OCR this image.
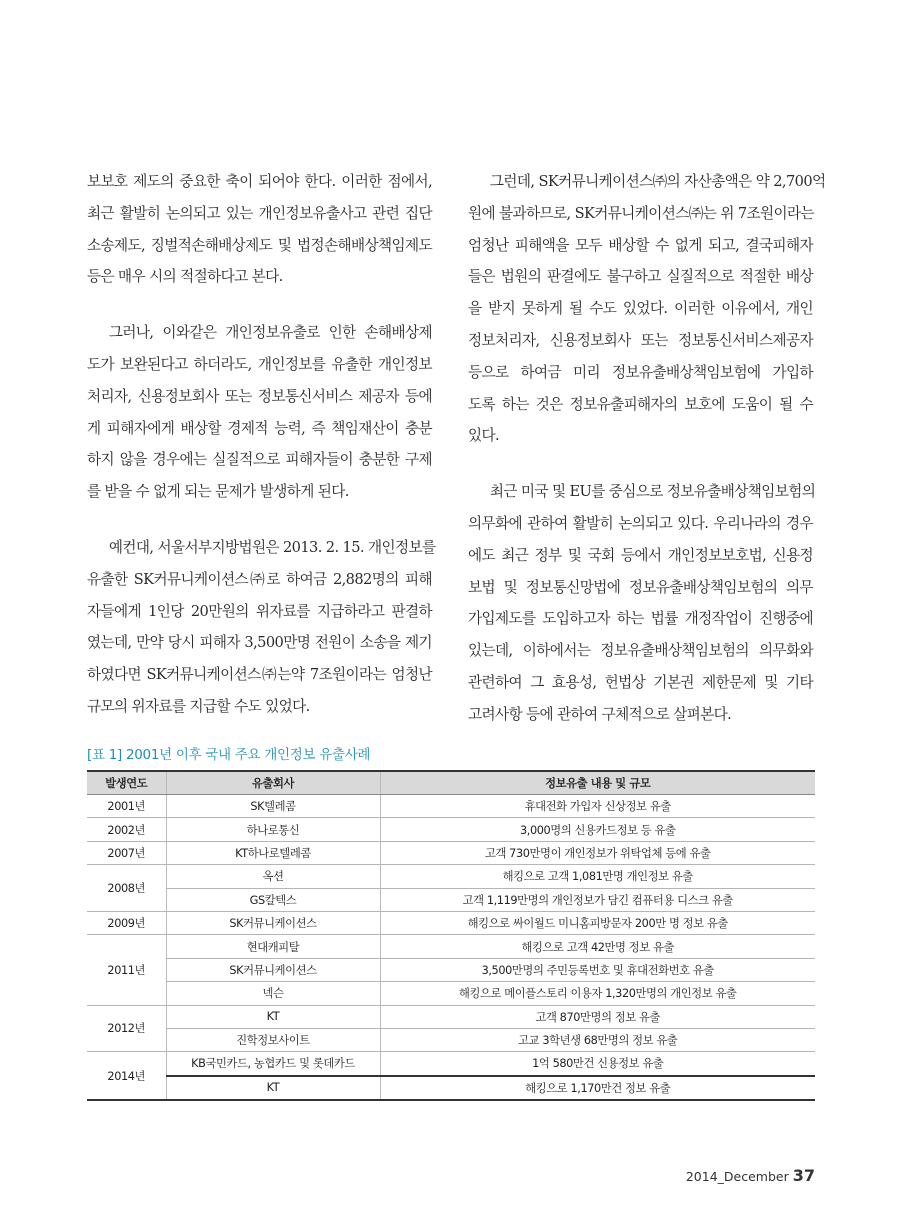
보보호 제도의 중요한 축이 되어야 한다. 이러한 점에서,
최근 활발히 논의되고 있는 개인정보유출사고 관련 집단
소송제도, 징벌적손해배상제도 및 법정손해배상책임제도
등은 매우 시의 적절하다고 본다.

그러나, 이와같은 개인정보유출로 인한 손해배상제
도가 보완된다고 하더라도, 개인정보를 유출한 개인정보
처리자, 신용정보회사 또는 정보통신서비스 제공자 등에
게 피해자에게 배상할 경제적 능력, 즉 책임재산이 충분
하지 않을 경우에는 실질적으로 피해자들이 충분한 구제
를 받을 수 없게 되는 문제가 발생하게 된다.

예컨대, 서울서부지방법원은 2013. 2. 15. 개인정보를
유출한 SK커뮤니케이션스㈜로 하여금 2,882명의 피해
자들에게 1인당 20만원의 위자료를 지급하라고 판결하
였는데, 만약 당시 피해자 3,500만명 전원이 소송을 제기
하였다면 SK커뮤니케이션스㈜는약 7조원이라는 엄청난
규모의 위자료를 지급할 수도 있었다.

그런데, SK커뮤니케이션스㈜의 자산총액은 약 2,700억
원에 불과하므로, SK커뮤니케이션스㈜는 위 7조원이라는
엄청난 피해액을 모두 배상할 수 없게 되고, 결국피해자
들은 법원의 판결에도 불구하고 실질적으로 적절한 배상
을 받지 못하게 될 수도 있었다. 이러한 이유에서, 개인
정보처리자, 신용정보회사 또는 정보통신서비스제공자
등으로 하여금 미리 정보유출배상책임보험에 가입하
도록 하는 것은 정보유출피해자의 보호에 도움이 될 수
있다.

최근 미국 및 EU를 중심으로 정보유출배상책임보험의
의무화에 관하여 활발히 논의되고 있다. 우리나라의 경우
에도 최근 정부 및 국회 등에서 개인정보보호법, 신용정
보법 및 정보통신망법에 정보유출배상책임보험의 의무
가입제도를 도입하고자 하는 법률 개정작업이 진행중에
있는데, 이하에서는 정보유출배상책임보험의 의무화와
관련하여 그 효용성, 헌법상 기본권 제한문제 및 기타
고려사항 등에 관하여 구체적으로 살펴본다.

[표 1] 2001년 이후 국내 주요 개인정보 유출사례
발생연도	유출회사	정보유출 내용 및 규모
2001년	SK텔레콤	휴대전화 가입자 신상정보 유출
2002년	하나로통신	3,000명의 신용카드정보 등 유출
2007년	KT하나로텔레콤	고객 730만명이 개인정보가 위탁업체 등에 유출
2008년	옥션	해킹으로 고객 1,081만명 개인정보 유출
	GS칼텍스	고객 1,119만명의 개인정보가 담긴 컴퓨터용 디스크 유출
2009년	SK커뮤니케이션스	해킹으로 싸이월드 미니홈피방문자 200만 명 정보 유출
2011년	현대캐피탈	해킹으로 고객 42만명 정보 유출
	SK커뮤니케이션스	3,500만명의 주민등록번호 및 휴대전화번호 유출
	넥슨	해킹으로 메이플스토리 이용자 1,320만명의 개인정보 유출
2012년	KT	고객 870만명의 정보 유출
	진학정보사이트	고교 3학년생 68만명의 정보 유출
2014년	KB국민카드, 농협카드 및 롯데카드	1억 580만건 신용정보 유출
	KT	해킹으로 1,170만건 정보 유출
2014_December 37
